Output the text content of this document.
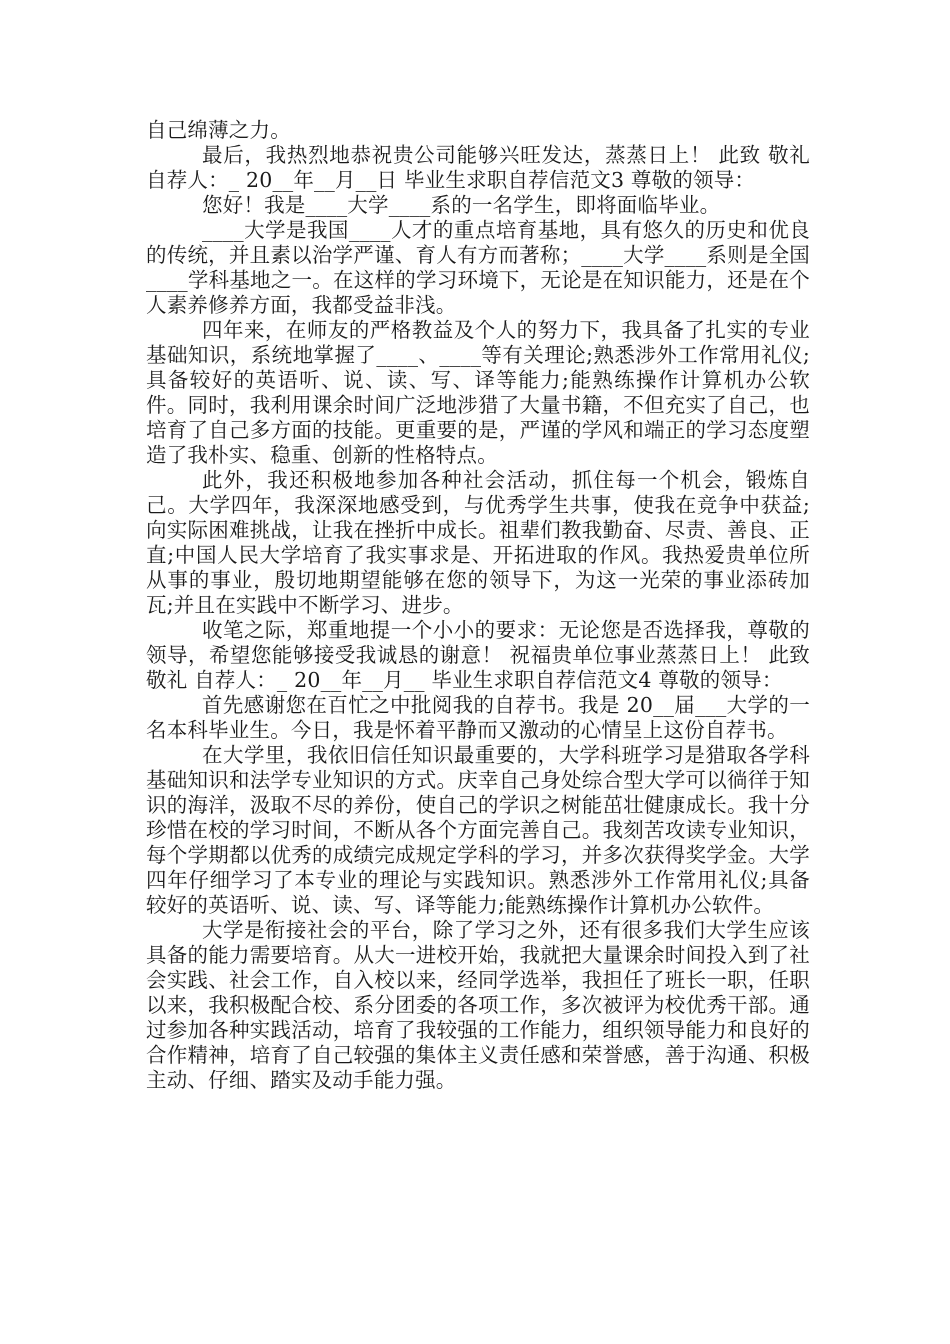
自己绵薄之力。

最后，我热烈地恭祝贵公司能够兴旺发达，蒸蒸日上！ 此致 敬礼 自荐人：_ 20__年__月__日 毕业生求职自荐信范文3 尊敬的领导：

您好！我是____大学____系的一名学生，即将面临毕业。

____大学是我国____人才的重点培育基地，具有悠久的历史和优良的传统，并且素以治学严谨、育人有方而著称；____大学____系则是全国____学科基地之一。在这样的学习环境下，无论是在知识能力，还是在个人素养修养方面，我都受益非浅。

四年来，在师友的严格教益及个人的努力下，我具备了扎实的专业基础知识，系统地掌握了____、____等有关理论;熟悉涉外工作常用礼仪;具备较好的英语听、说、读、写、译等能力;能熟练操作计算机办公软件。同时，我利用课余时间广泛地涉猎了大量书籍，不但充实了自己，也培育了自己多方面的技能。更重要的是，严谨的学风和端正的学习态度塑造了我朴实、稳重、创新的性格特点。

此外，我还积极地参加各种社会活动，抓住每一个机会，锻炼自己。大学四年，我深深地感受到，与优秀学生共事，使我在竞争中获益;向实际困难挑战，让我在挫折中成长。祖辈们教我勤奋、尽责、善良、正直;中国人民大学培育了我实事求是、开拓进取的作风。我热爱贵单位所从事的事业，殷切地期望能够在您的领导下，为这一光荣的事业添砖加瓦;并且在实践中不断学习、进步。

收笔之际，郑重地提一个小小的要求：无论您是否选择我，尊敬的领导，希望您能够接受我诚恳的谢意！ 祝福贵单位事业蒸蒸日上！ 此致 敬礼 自荐人：_ 20__年__月__ 毕业生求职自荐信范文4 尊敬的领导：

首先感谢您在百忙之中批阅我的自荐书。我是 20__届___大学的一名本科毕业生。今日，我是怀着平静而又激动的心情呈上这份自荐书。

在大学里，我依旧信任知识最重要的，大学科班学习是猎取各学科基础知识和法学专业知识的方式。庆幸自己身处综合型大学可以徜徉于知识的海洋，汲取不尽的养份，使自己的学识之树能茁壮健康成长。我十分珍惜在校的学习时间，不断从各个方面完善自己。我刻苦攻读专业知识，每个学期都以优秀的成绩完成规定学科的学习，并多次获得奖学金。大学四年仔细学习了本专业的理论与实践知识。熟悉涉外工作常用礼仪;具备较好的英语听、说、读、写、译等能力;能熟练操作计算机办公软件。

大学是衔接社会的平台，除了学习之外，还有很多我们大学生应该具备的能力需要培育。从大一进校开始，我就把大量课余时间投入到了社会实践、社会工作，自入校以来，经同学选举，我担任了班长一职，任职以来，我积极配合校、系分团委的各项工作，多次被评为校优秀干部。通过参加各种实践活动，培育了我较强的工作能力，组织领导能力和良好的合作精神，培育了自己较强的集体主义责任感和荣誉感，善于沟通、积极主动、仔细、踏实及动手能力强。
